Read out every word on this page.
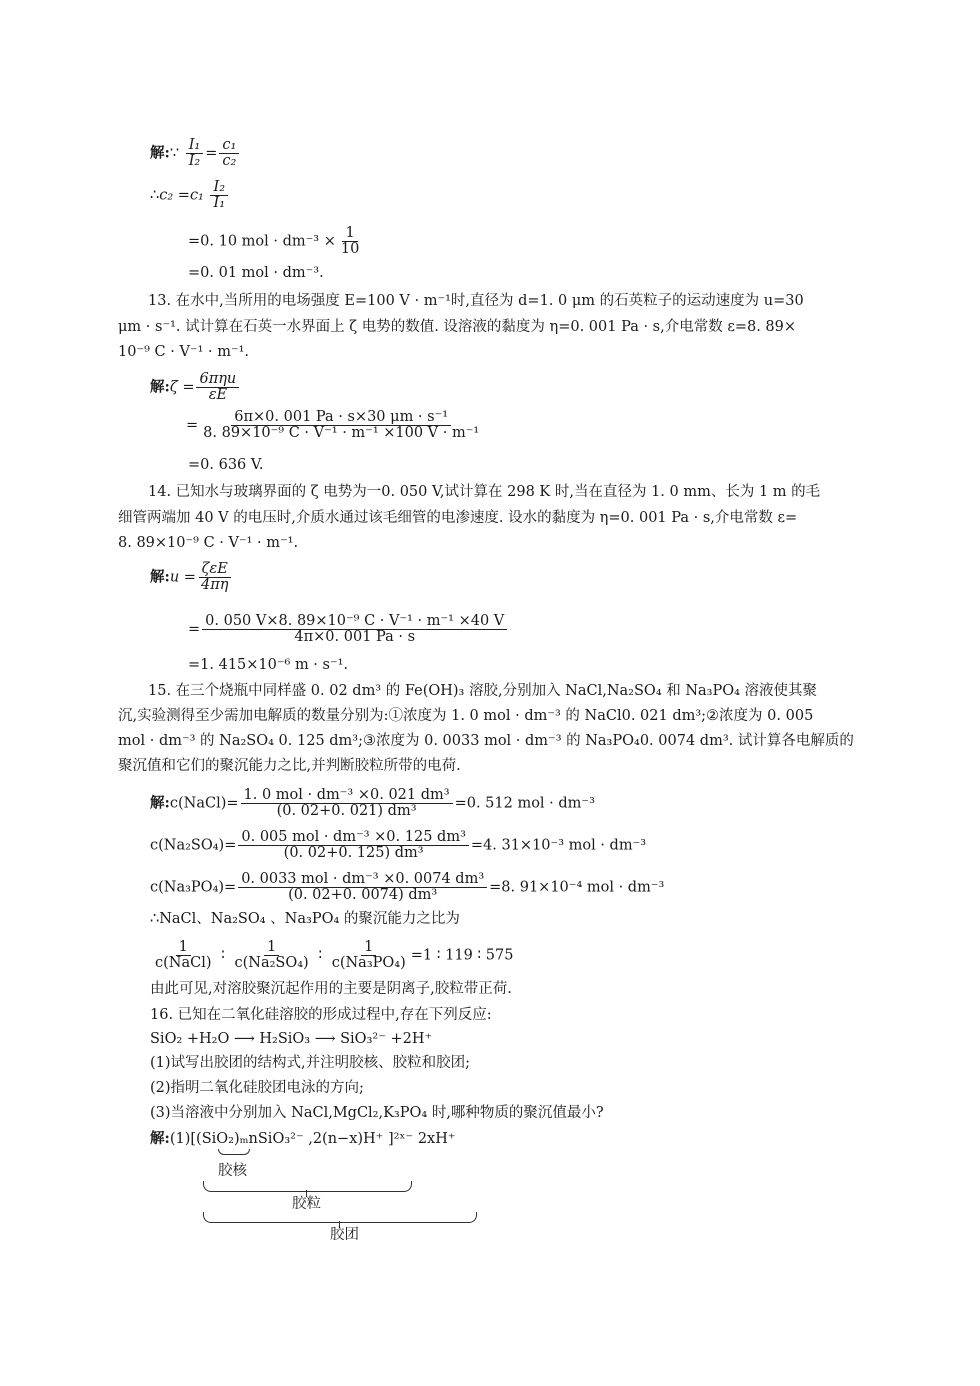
解:∵ $\frac{\text{I₁}}{\text{I₂}} = \frac{\text{c₁}}{\text{c₂}}$
∴c₂ $=c_1 \frac{\text{I₂}}{\text{I₁}}$
=0. 10 mol · $dm^{-3} \times \frac{1}{10}$
=0. 01 mol · dm⁻³.
13. 在水中,当所用的电场强度 E=100 V · m⁻¹时,直径为 d=1. 0 μm 的石英粒子的运动速度为 u=30
μm · s⁻¹. 试计算在石英一水界面上 ζ 电势的数值. 设溶液的黏度为 η=0. 001 Pa · s,介电常数 ε=8. 89×
10⁻⁹ C · V⁻¹ · m⁻¹.
解:ζ = $\frac{\text{6πηu}}{\varepsilon E}$
= $\frac{\text{6π×0. 001 Pa · s×30 μm · s⁻¹}}{\text{8. 89×10⁻⁹ C · V⁻¹ · m⁻¹ ×100 V · m⁻¹}}$
=0. 636 V.
14. 已知水与玻璃界面的 ζ 电势为一0. 050 V,试计算在 298 K 时,当在直径为 1. 0 mm、长为 1 m 的毛
细管两端加 40 V 的电压时,介质水通过该毛细管的电渗速度. 设水的黏度为 η=0. 001 Pa · s,介电常数 ε=
8. 89×10⁻⁹ C · V⁻¹ · m⁻¹.
解:u = $\frac{\text{ζεE}}{4\pi\eta}$
= $\frac{\text{0. 050 V×8. 89×10⁻⁹ C · V⁻¹ · m⁻¹ ×40 V}}{4\pi\times 0. 001 Pa \cdot s}$
=1. 415×10⁻⁶ m · s⁻¹.
15. 在三个烧瓶中同样盛 0. 02 dm³ 的 Fe(OH)₃ 溶胶,分别加入 NaCl,Na₂SO₄ 和 Na₃PO₄ 溶液使其聚
沉,实验测得至少需加电解质的数量分别为:①浓度为 1. 0 mol · dm⁻³ 的 NaCl0. 021 dm³;②浓度为 0. 005
mol · dm⁻³ 的 Na₂SO₄ 0. 125 dm³;③浓度为 0. 0033 mol · dm⁻³ 的 Na₃PO₄0. 0074 dm³. 试计算各电解质的
聚沉值和它们的聚沉能力之比,并判断胶粒所带的电荷.
解:c(NaCl)= $\frac{\text{1. 0 mol · dm⁻³ ×0. 021 dm³}}{\text{(0. 02+0. 021) dm³}} =0$. 512 mol · dm⁻³
$c(Na_2SO_4)= \frac{\text{0. 005 mol · dm⁻³ ×0. 125 dm³}}{\text{(0. 02+0. 125) dm³}} =4$. 31×10⁻³ mol · dm⁻³
$c(Na_3PO_4)= \frac{\text{0. 0033 mol · dm⁻³ ×0. 0074 dm³}}{\text{(0. 02+0. 0074) dm³}} =8$. 91×10⁻⁴ mol · dm⁻³
∴NaCl、Na₂SO₄ 、Na₃PO₄ 的聚沉能力之比为
$\frac{1}{\text{c(NaCl)}}$ ∶ $\frac{1}{\text{c(Na₂SO₄)}}$ ∶ $\frac{1}{\text{c(Na₃PO₄)}} =1$ ∶ 119 ∶ 575
由此可见,对溶胶聚沉起作用的主要是阴离子,胶粒带正荷.
16. 已知在二氧化硅溶胶的形成过程中,存在下列反应:
SiO₂ +H₂O ⟶ H₂SiO₃ ⟶ SiO₃²⁻ +2H⁺
(1)试写出胶团的结构式,并注明胶核、胶粒和胶团;
(2)指明二氧化硅胶团电泳的方向;
(3)当溶液中分别加入 NaCl,MgCl₂,K₃PO₄ 时,哪种物质的聚沉值最小?
解:(1)[(SiO₂)ₘnSiO₃²⁻ ,2(n−x)H⁺ ]²ˣ⁻ 2xH⁺
胶核
胶粒
胶团
